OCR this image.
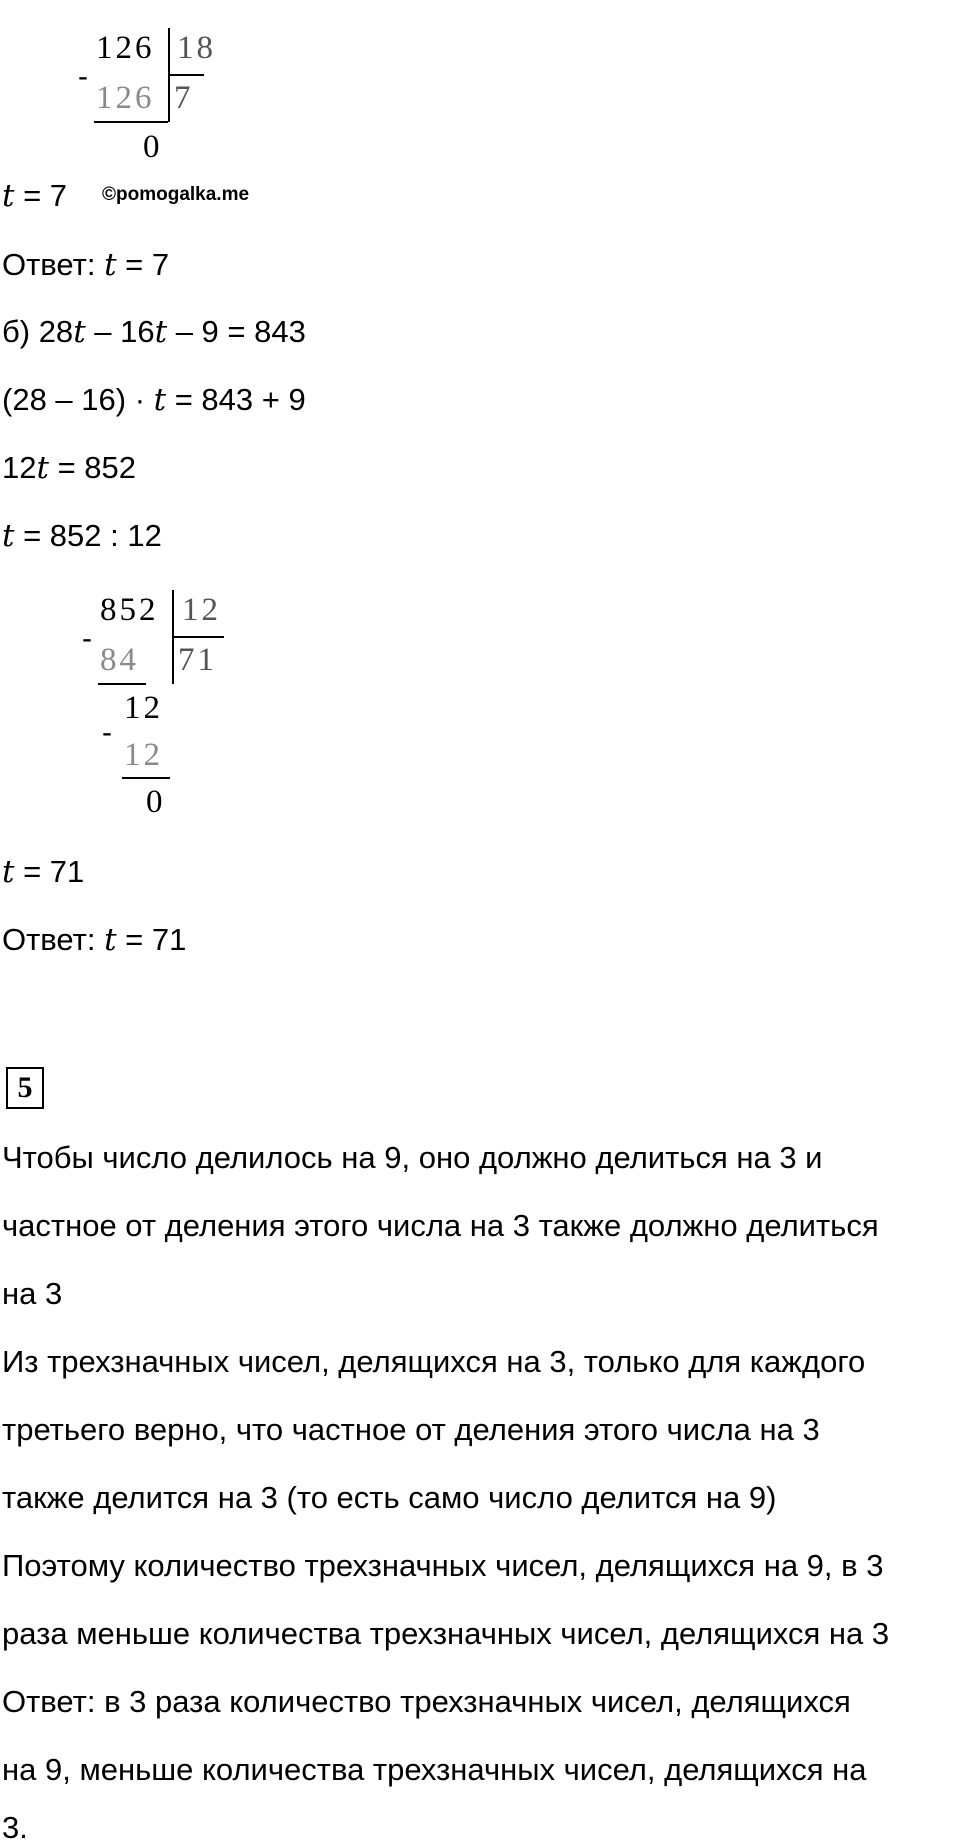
126 18
-
126 7
0
t = 7 ©pomogalka.me
Ответ: t = 7
б) 28t – 16t – 9 = 843
(28 – 16) · t = 843 + 9
12t = 852
t = 852 : 12
852 12
-
84 71
12
-
12
0
t = 71
Ответ: t = 71
5
Чтобы число делилось на 9, оно должно делиться на 3 и
частное от деления этого числа на 3 также должно делиться
на 3
Из трехзначных чисел, делящихся на 3, только для каждого
третьего верно, что частное от деления этого числа на 3
также делится на 3 (то есть само число делится на 9)
Поэтому количество трехзначных чисел, делящихся на 9, в 3
раза меньше количества трехзначных чисел, делящихся на 3
Ответ: в 3 раза количество трехзначных чисел, делящихся
на 9, меньше количества трехзначных чисел, делящихся на
3.
